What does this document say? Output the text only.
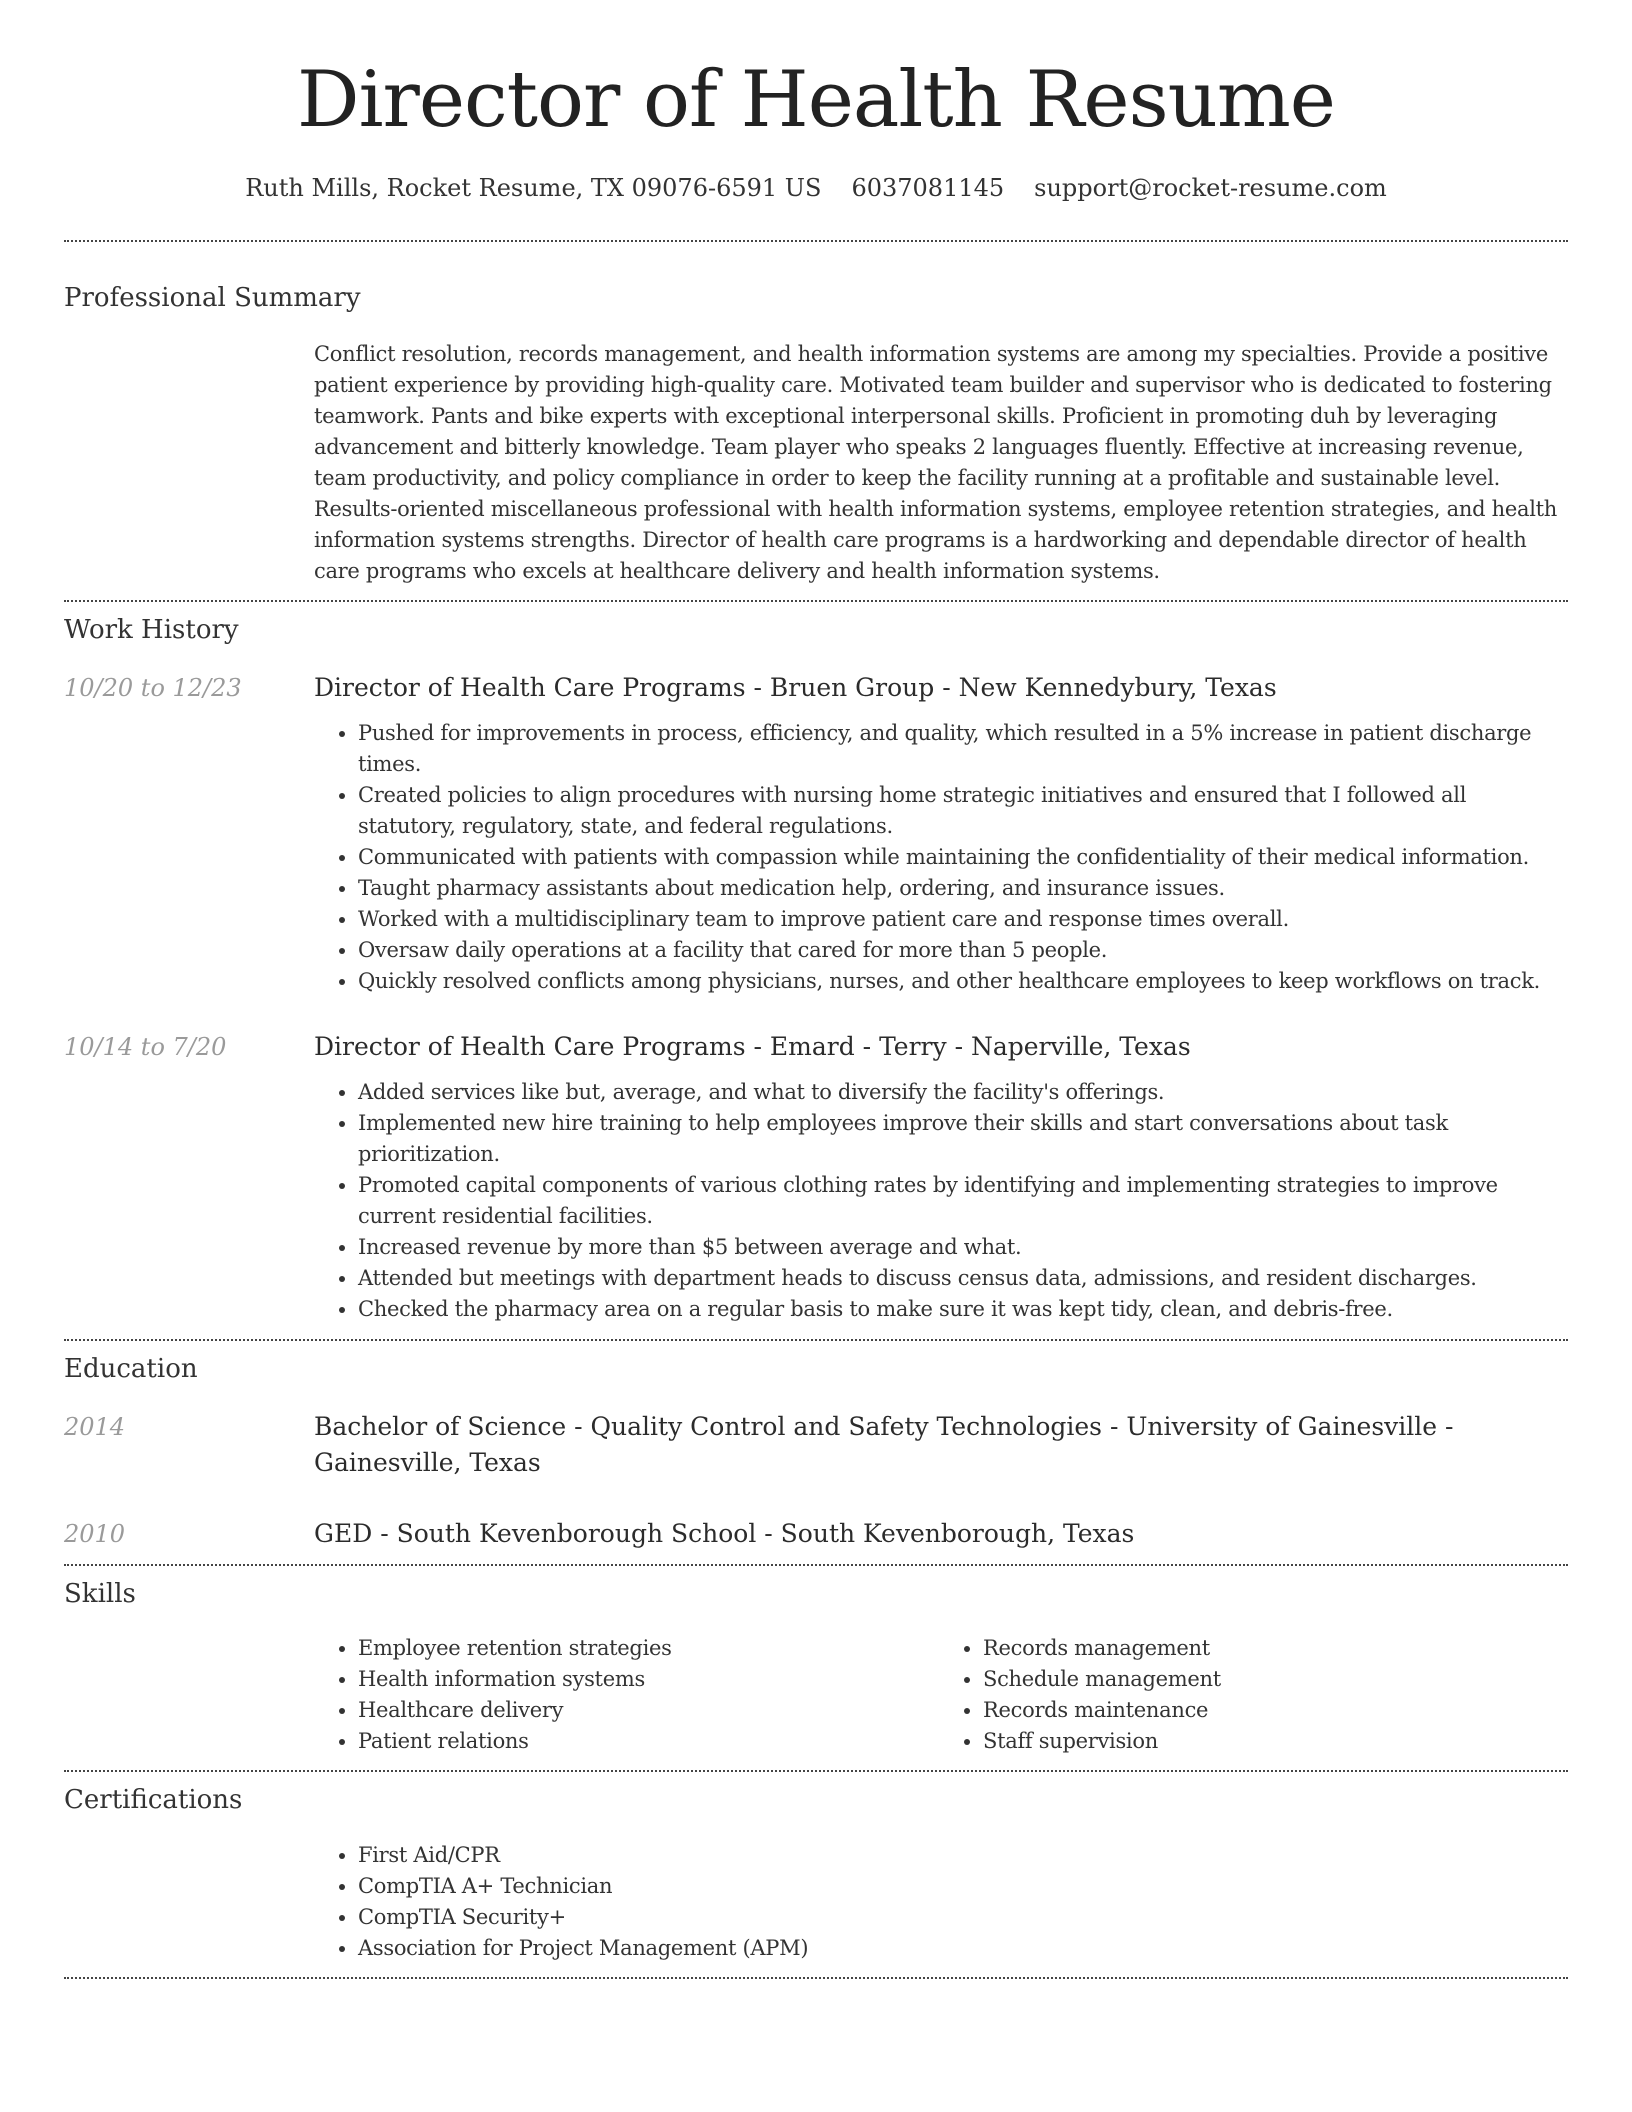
Director of Health Resume
Ruth Mills, Rocket Resume, TX 09076-6591 US 6037081145 support@rocket-resume.com
Professional Summary

Conflict resolution, records management, and health information systems are among my specialties. Provide a positive patient experience by providing high-quality care. Motivated team builder and supervisor who is dedicated to fostering teamwork. Pants and bike experts with exceptional interpersonal skills. Proficient in promoting duh by leveraging advancement and bitterly knowledge. Team player who speaks 2 languages fluently. Effective at increasing revenue, team productivity, and policy compliance in order to keep the facility running at a profitable and sustainable level. Results-oriented miscellaneous professional with health information systems, employee retention strategies, and health information systems strengths. Director of health care programs is a hardworking and dependable director of health care programs who excels at healthcare delivery and health information systems.

Work History
10/20 to 12/23	Director of Health Care Programs - Bruen Group - New Kennedybury, Texas
• Pushed for improvements in process, efficiency, and quality, which resulted in a 5% increase in patient discharge times.
• Created policies to align procedures with nursing home strategic initiatives and ensured that I followed all statutory, regulatory, state, and federal regulations.
• Communicated with patients with compassion while maintaining the confidentiality of their medical information.
• Taught pharmacy assistants about medication help, ordering, and insurance issues.
• Worked with a multidisciplinary team to improve patient care and response times overall.
• Oversaw daily operations at a facility that cared for more than 5 people.
• Quickly resolved conflicts among physicians, nurses, and other healthcare employees to keep workflows on track.
10/14 to 7/20	Director of Health Care Programs - Emard - Terry - Naperville, Texas
• Added services like but, average, and what to diversify the facility's offerings.
• Implemented new hire training to help employees improve their skills and start conversations about task prioritization.
• Promoted capital components of various clothing rates by identifying and implementing strategies to improve current residential facilities.
• Increased revenue by more than $5 between average and what.
• Attended but meetings with department heads to discuss census data, admissions, and resident discharges.
• Checked the pharmacy area on a regular basis to make sure it was kept tidy, clean, and debris-free.
Education
2014	Bachelor of Science - Quality Control and Safety Technologies - University of Gainesville - Gainesville, Texas
2010	GED - South Kevenborough School - South Kevenborough, Texas
Skills
• Employee retention strategies
• Health information systems
• Healthcare delivery
• Patient relations
• Records management
• Schedule management
• Records maintenance
• Staff supervision
Certifications
• First Aid/CPR
• CompTIA A+ Technician
• CompTIA Security+
• Association for Project Management (APM)
